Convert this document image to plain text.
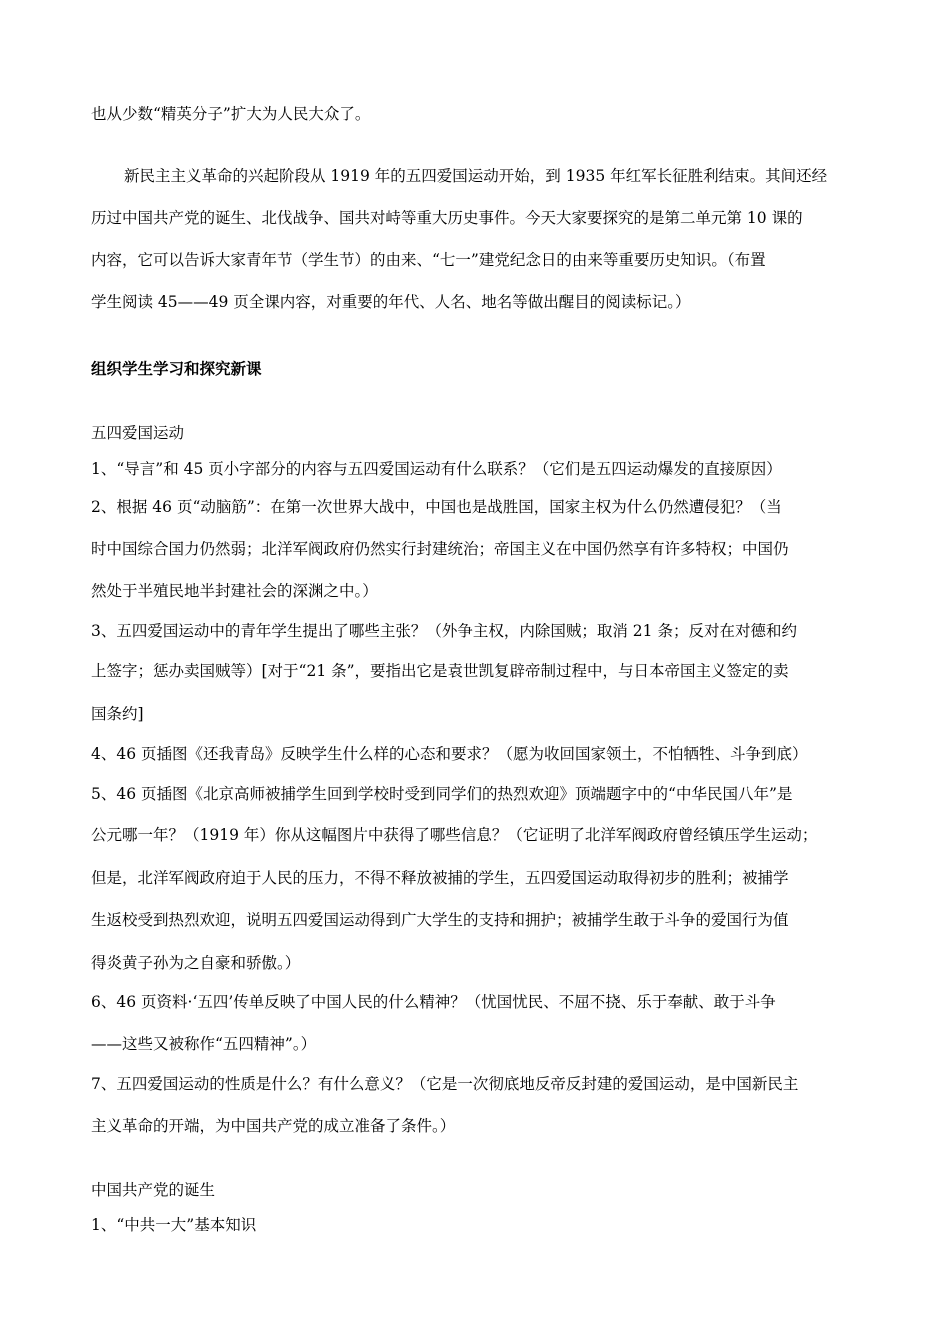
也从少数“精英分子”扩大为人民大众了。
新民主主义革命的兴起阶段从 1919 年的五四爱国运动开始，到 1935 年红军长征胜利结束。其间还经
历过中国共产党的诞生、北伐战争、国共对峙等重大历史事件。今天大家要探究的是第二单元第 10 课的
内容，它可以告诉大家青年节（学生节）的由来、“七一”建党纪念日的由来等重要历史知识。（布置
学生阅读 45——49 页全课内容，对重要的年代、人名、地名等做出醒目的阅读标记。）
组织学生学习和探究新课
五四爱国运动
1、“导言”和 45 页小字部分的内容与五四爱国运动有什么联系？（它们是五四运动爆发的直接原因）
2、根据 46 页“动脑筋”：在第一次世界大战中，中国也是战胜国，国家主权为什么仍然遭侵犯？（当
时中国综合国力仍然弱；北洋军阀政府仍然实行封建统治；帝国主义在中国仍然享有许多特权；中国仍
然处于半殖民地半封建社会的深渊之中。）
3、五四爱国运动中的青年学生提出了哪些主张？（外争主权，内除国贼；取消 21 条；反对在对德和约
上签字；惩办卖国贼等）[对于“21 条”，要指出它是袁世凯复辟帝制过程中，与日本帝国主义签定的卖
国条约]
4、46 页插图《还我青岛》反映学生什么样的心态和要求？（愿为收回国家领土，不怕牺牲、斗争到底）
5、46 页插图《北京高师被捕学生回到学校时受到同学们的热烈欢迎》顶端题字中的“中华民国八年”是
公元哪一年？（1919 年）你从这幅图片中获得了哪些信息？（它证明了北洋军阀政府曾经镇压学生运动；
但是，北洋军阀政府迫于人民的压力，不得不释放被捕的学生，五四爱国运动取得初步的胜利；被捕学
生返校受到热烈欢迎，说明五四爱国运动得到广大学生的支持和拥护；被捕学生敢于斗争的爱国行为值
得炎黄子孙为之自豪和骄傲。）
6、46 页资料·‘五四’传单反映了中国人民的什么精神？（忧国忧民、不屈不挠、乐于奉献、敢于斗争
——这些又被称作“五四精神”。）
7、五四爱国运动的性质是什么？有什么意义？（它是一次彻底地反帝反封建的爱国运动，是中国新民主
主义革命的开端，为中国共产党的成立准备了条件。）
中国共产党的诞生
1、“中共一大”基本知识
